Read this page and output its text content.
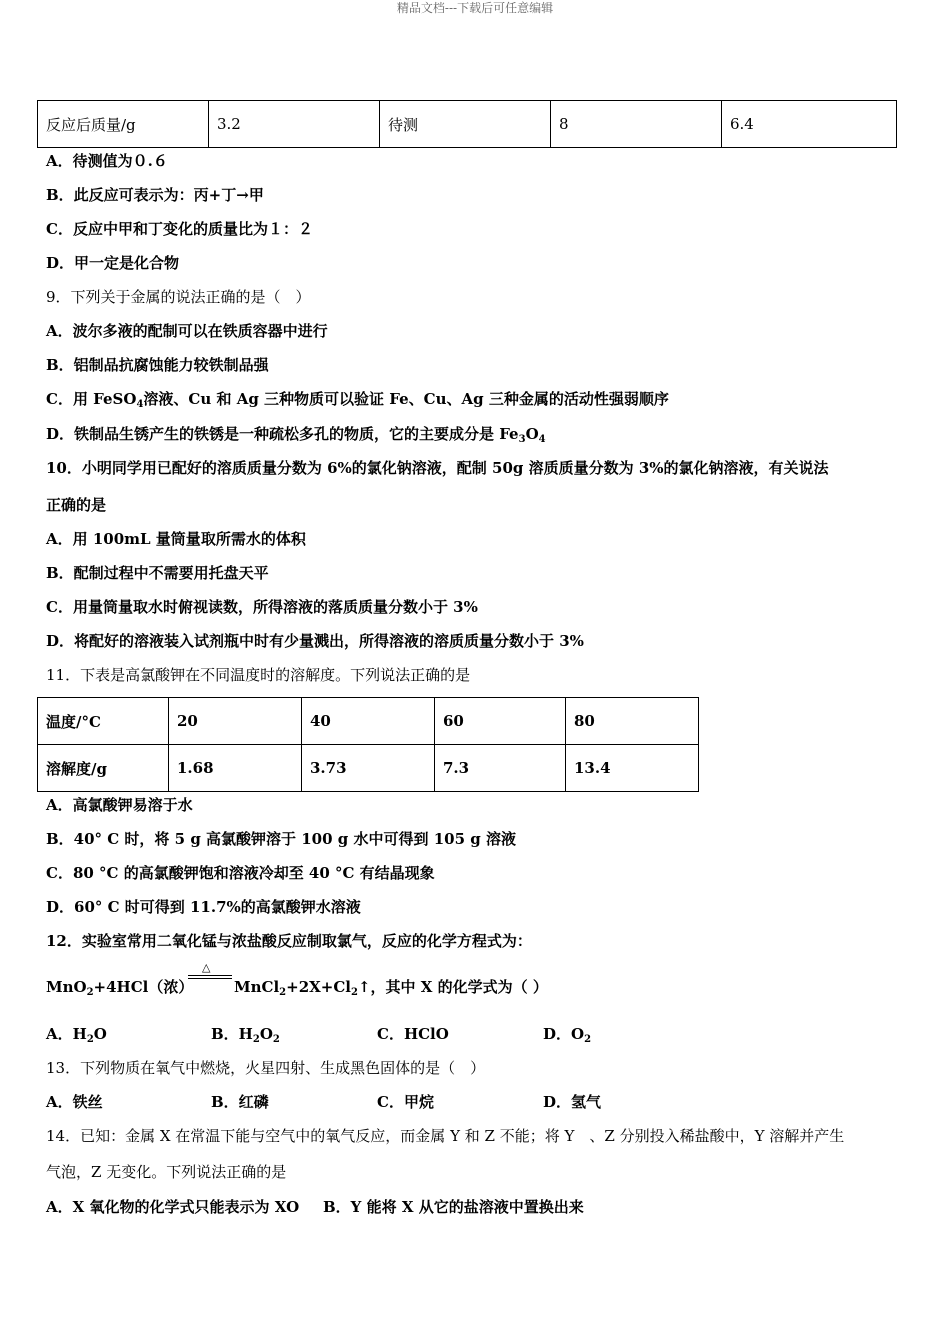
精品文档---下载后可任意编辑
反应后质量/g	3.2	待测	8	6.4
A．待测值为０.６
B．此反应可表示为：丙+丁→甲
C．反应中甲和丁变化的质量比为１：２
D．甲一定是化合物
9．下列关于金属的说法正确的是（　）
A．波尔多液的配制可以在铁质容器中进行
B．铝制品抗腐蚀能力较铁制品强
C．用 FeSO$_4$溶液、Cu 和 Ag 三种物质可以验证 Fe、Cu、Ag 三种金属的活动性强弱顺序
D．铁制品生锈产生的铁锈是一种疏松多孔的物质，它的主要成分是 $Fe_3O_4$
10．小明同学用已配好的溶质质量分数为 6%的氯化钠溶液，配制 50g 溶质质量分数为 3%的氯化钠溶液，有关说法
正确的是
A．用 100mL 量筒量取所需水的体积
B．配制过程中不需要用托盘天平
C．用量筒量取水时俯视读数，所得溶液的落质质量分数小于 3%
D．将配好的溶液装入试剂瓶中时有少量溅出，所得溶液的溶质质量分数小于 3%
11．下表是高氯酸钾在不同温度时的溶解度。下列说法正确的是
温度/°C	20	40	60	80
溶解度/g	1.68	3.73	7.3	13.4
A．高氯酸钾易溶于水
B．40° C 时，将 5 g 高氯酸钾溶于 100 g 水中可得到 105 g 溶液
C．80 °C 的高氯酸钾饱和溶液冷却至 40 °C 有结晶现象
D．60° C 时可得到 11.7%的高氯酸钾水溶液
12．实验室常用二氧化锰与浓盐酸反应制取氯气，反应的化学方程式为：
MnO$_2$+4HCl（浓）
△
$MnCl_2+2X+Cl_2↑$，其中 X 的化学式为（ ）
A．$H_2O$	B．$H_2O_2$	C．HClO	D．$O_2$
13．下列物质在氧气中燃烧，火星四射、生成黑色固体的是（　）
A．铁丝	B．红磷	C．甲烷	D．氢气
14．已知：金属 X 在常温下能与空气中的氧气反应，而金属 Y 和 Z 不能；将 Y　、Z 分别投入稀盐酸中，Y 溶解并产生
气泡，Z 无变化。下列说法正确的是
A．X 氧化物的化学式只能表示为 XO B．Y 能将 X 从它的盐溶液中置换出来
